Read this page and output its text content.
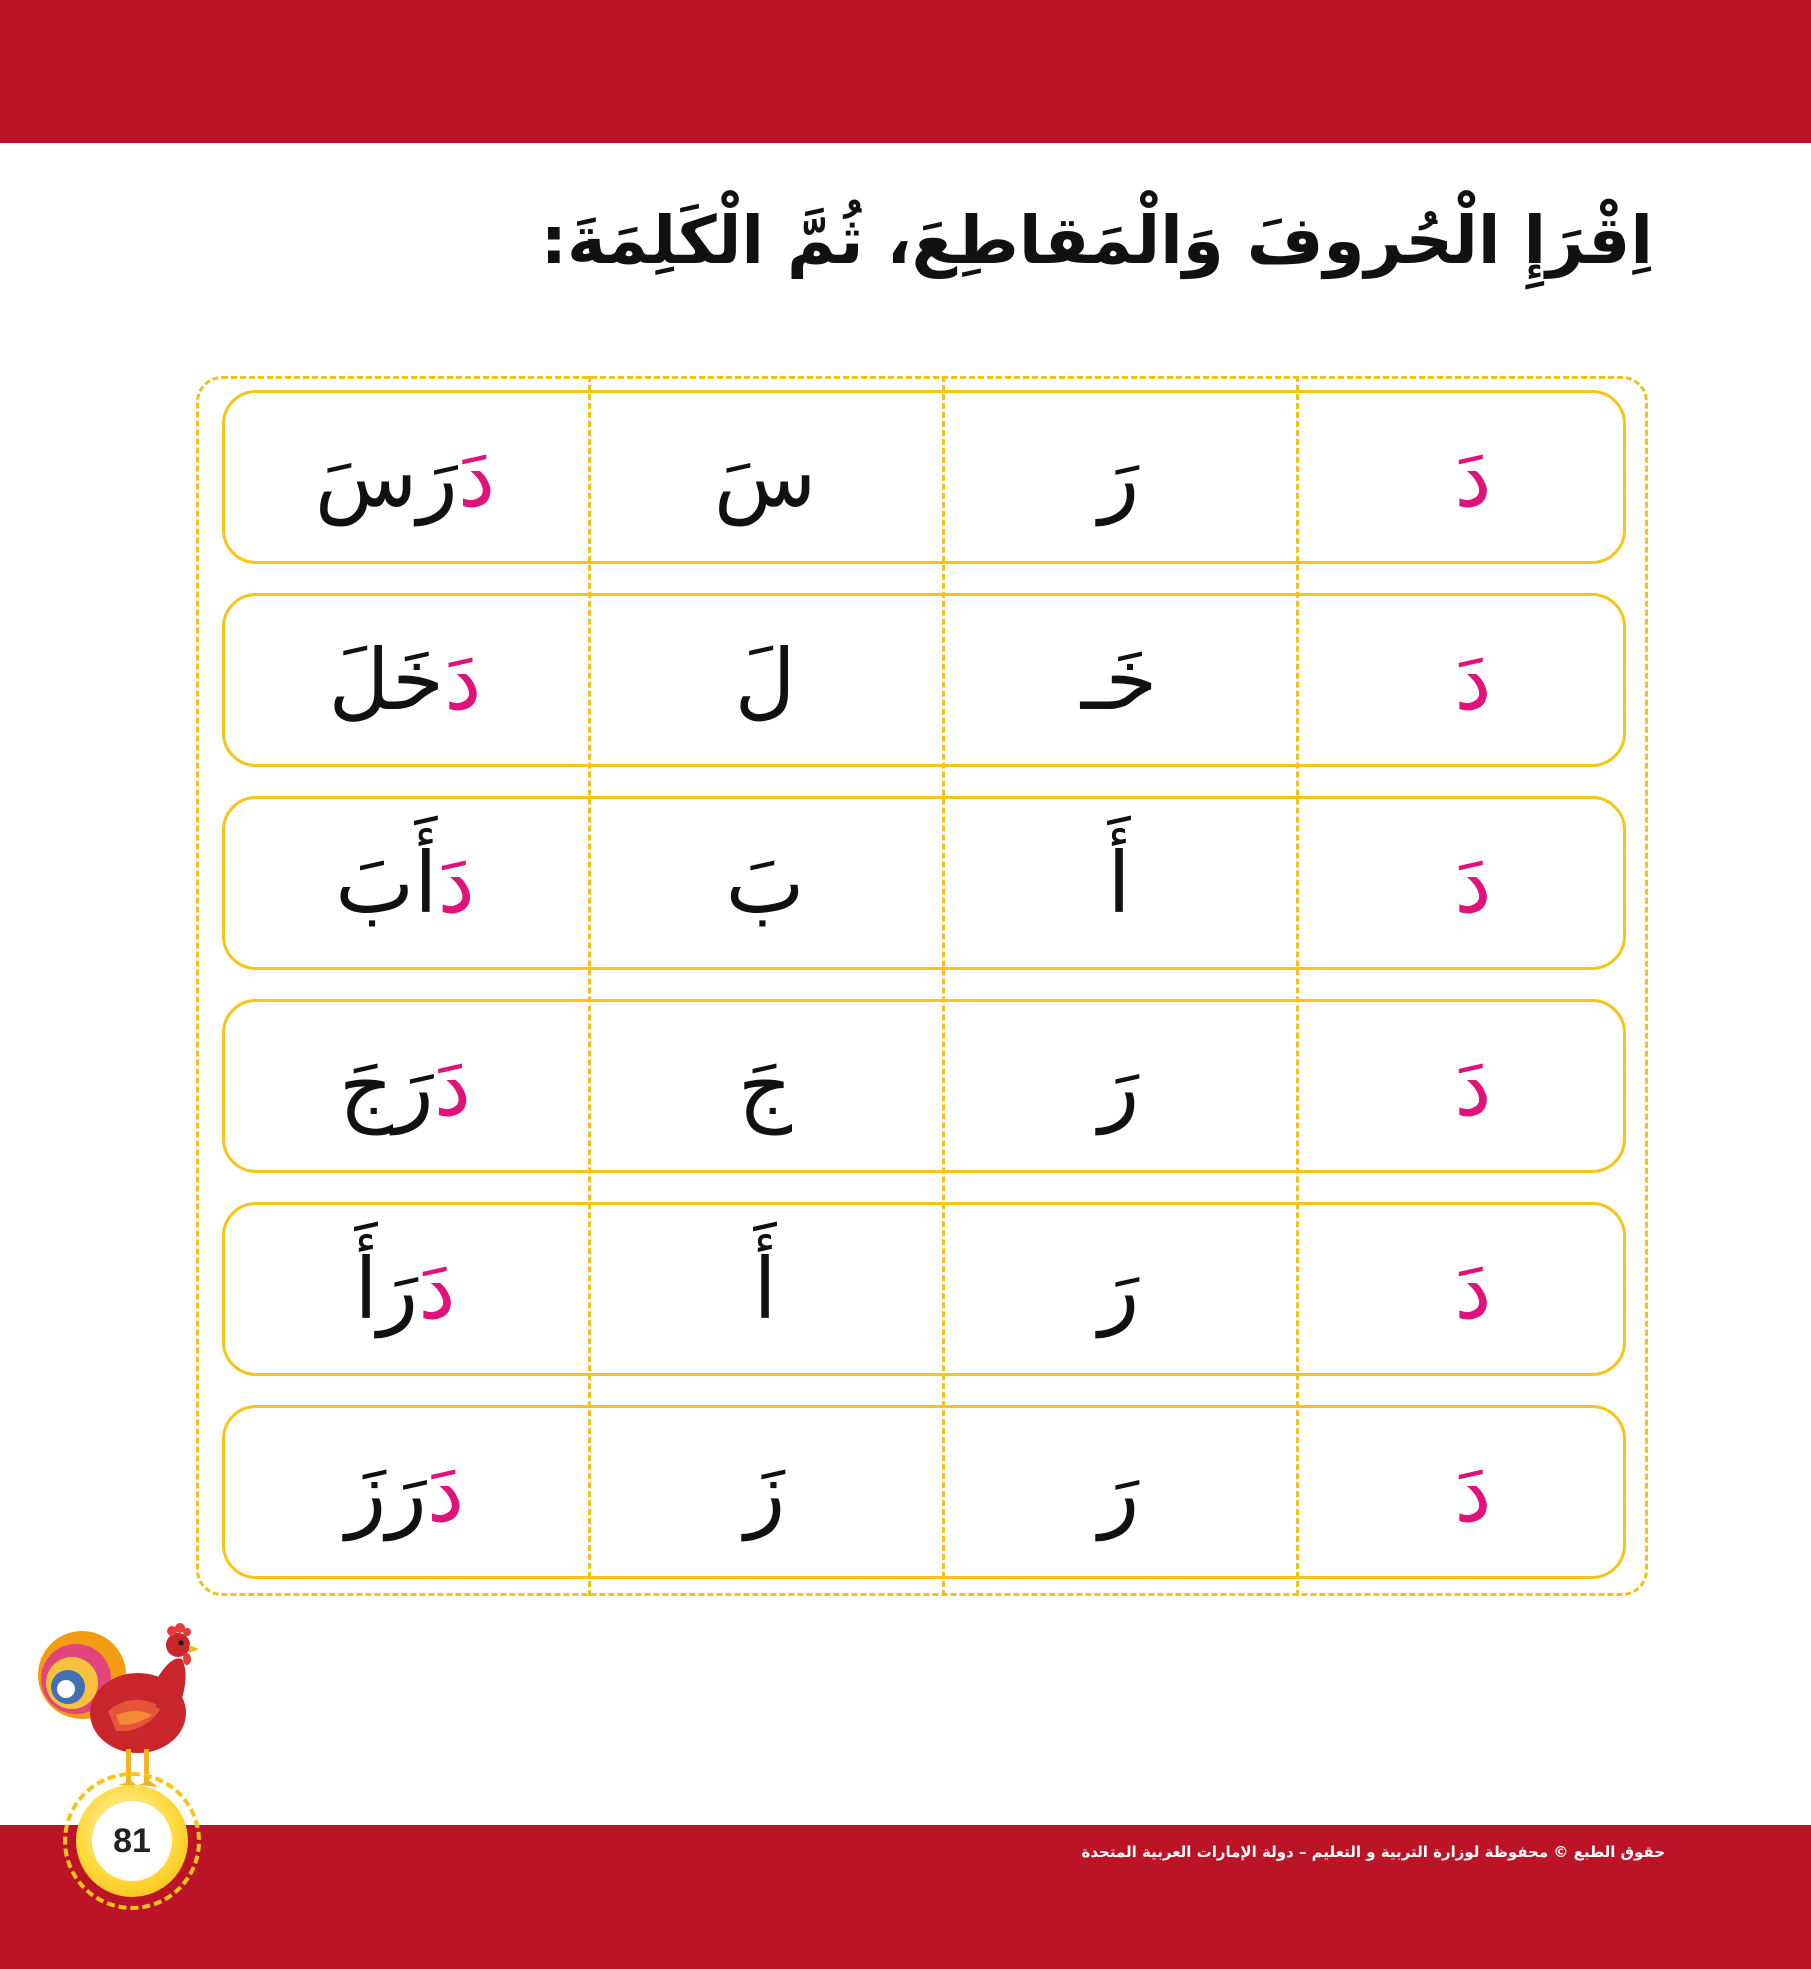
اِقْرَإِ الْحُروفَ وَالْمَقاطِعَ، ثُمَّ الْكَلِمَةَ:
دَ
رَ
سَ
دَرَسَ
دَ
خَـ
لَ
دَخَلَ
دَ
أَ
بَ
دَأَبَ
دَ
رَ
جَ
دَرَجَ
دَ
رَ
أَ
دَرَأَ
دَ
رَ
زَ
دَرَزَ
81	حقوق الطبع © محفوظة لوزارة التربية و التعليم – دولة الإمارات العربية المتحدة
